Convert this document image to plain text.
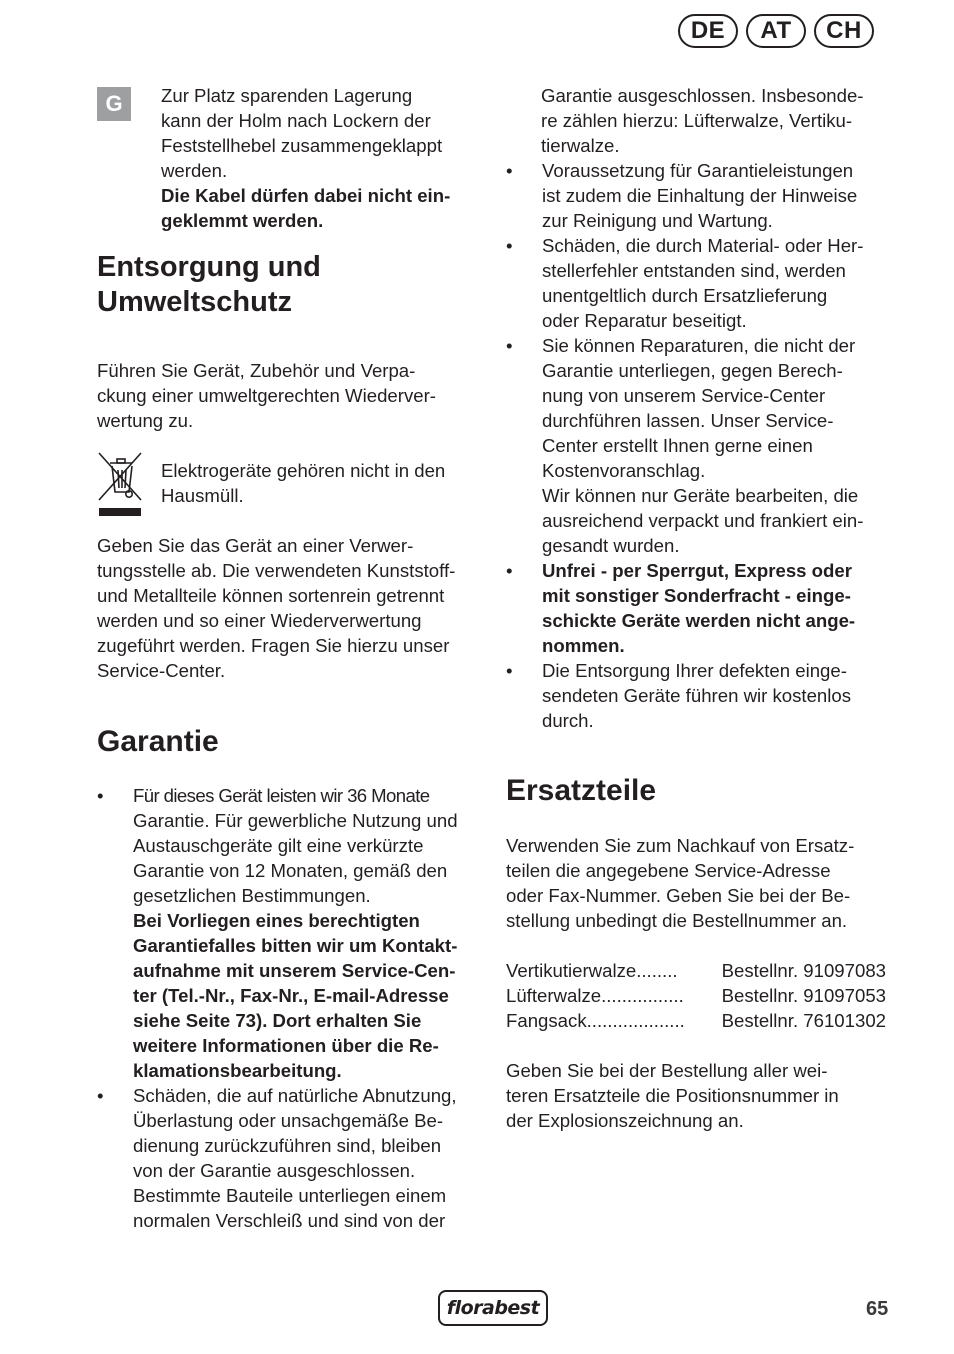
DE	AT	CH
G	Zur Platz sparenden Lagerung

kann der Holm nach Lockern der

Feststellhebel zusammengeklappt

werden.

Die Kabel dürfen dabei nicht ein-

geklemmt werden.

Entsorgung und
Umweltschutz

Führen Sie Gerät, Zubehör und Verpa-

ckung einer umweltgerechten Wiederver-

wertung zu.

Elektrogeräte gehören nicht in den

Hausmüll.

Geben Sie das Gerät an einer Verwer-

tungsstelle ab. Die verwendeten Kunststoff-

und Metallteile können sortenrein getrennt

werden und so einer Wiederverwertung

zugeführt werden. Fragen Sie hierzu unser

Service-Center.

Garantie
• Für dieses Gerät leisten wir 36 Monate

Garantie. Für gewerbliche Nutzung und

Austauschgeräte gilt eine verkürzte

Garantie von 12 Monaten, gemäß den

gesetzlichen Bestimmungen.

Bei Vorliegen eines berechtigten

Garantiefalles bitten wir um Kontakt-

aufnahme mit unserem Service-Cen-

ter (Tel.-Nr., Fax-Nr., E-mail-Adresse

siehe Seite 73). Dort erhalten Sie

weitere Informationen über die Re-

klamationsbearbeitung.

• Schäden, die auf natürliche Abnutzung,

Überlastung oder unsachgemäße Be-

dienung zurückzuführen sind, bleiben

von der Garantie ausgeschlossen.

Bestimmte Bauteile unterliegen einem

normalen Verschleiß und sind von der

Garantie ausgeschlossen. Insbesonde-

re zählen hierzu: Lüfterwalze, Vertiku-

tierwalze.

• Voraussetzung für Garantieleistungen

ist zudem die Einhaltung der Hinweise

zur Reinigung und Wartung.

• Schäden, die durch Material- oder Her-

stellerfehler entstanden sind, werden

unentgeltlich durch Ersatzlieferung

oder Reparatur beseitigt.

• Sie können Reparaturen, die nicht der

Garantie unterliegen, gegen Berech-

nung von unserem Service-Center

durchführen lassen. Unser Service-

Center erstellt Ihnen gerne einen

Kostenvoranschlag.

Wir können nur Geräte bearbeiten, die

ausreichend verpackt und frankiert ein-

gesandt wurden.

• Unfrei - per Sperrgut, Express oder

mit sonstiger Sonderfracht - einge-

schickte Geräte werden nicht ange-

nommen.

• Die Entsorgung Ihrer defekten einge-

sendeten Geräte führen wir kostenlos

durch.

Ersatzteile

Verwenden Sie zum Nachkauf von Ersatz-

teilen die angegebene Service-Adresse

oder Fax-Nummer. Geben Sie bei der Be-

stellung unbedingt die Bestellnummer an.

Vertikutierwalze ........	Bestellnr. 91097083
Lüfterwalze ................	Bestellnr. 91097053
Fangsack ...................	Bestellnr. 76101302

Geben Sie bei der Bestellung aller wei-

teren Ersatzteile die Positionsnummer in

der Explosionszeichnung an.

florabest	65
